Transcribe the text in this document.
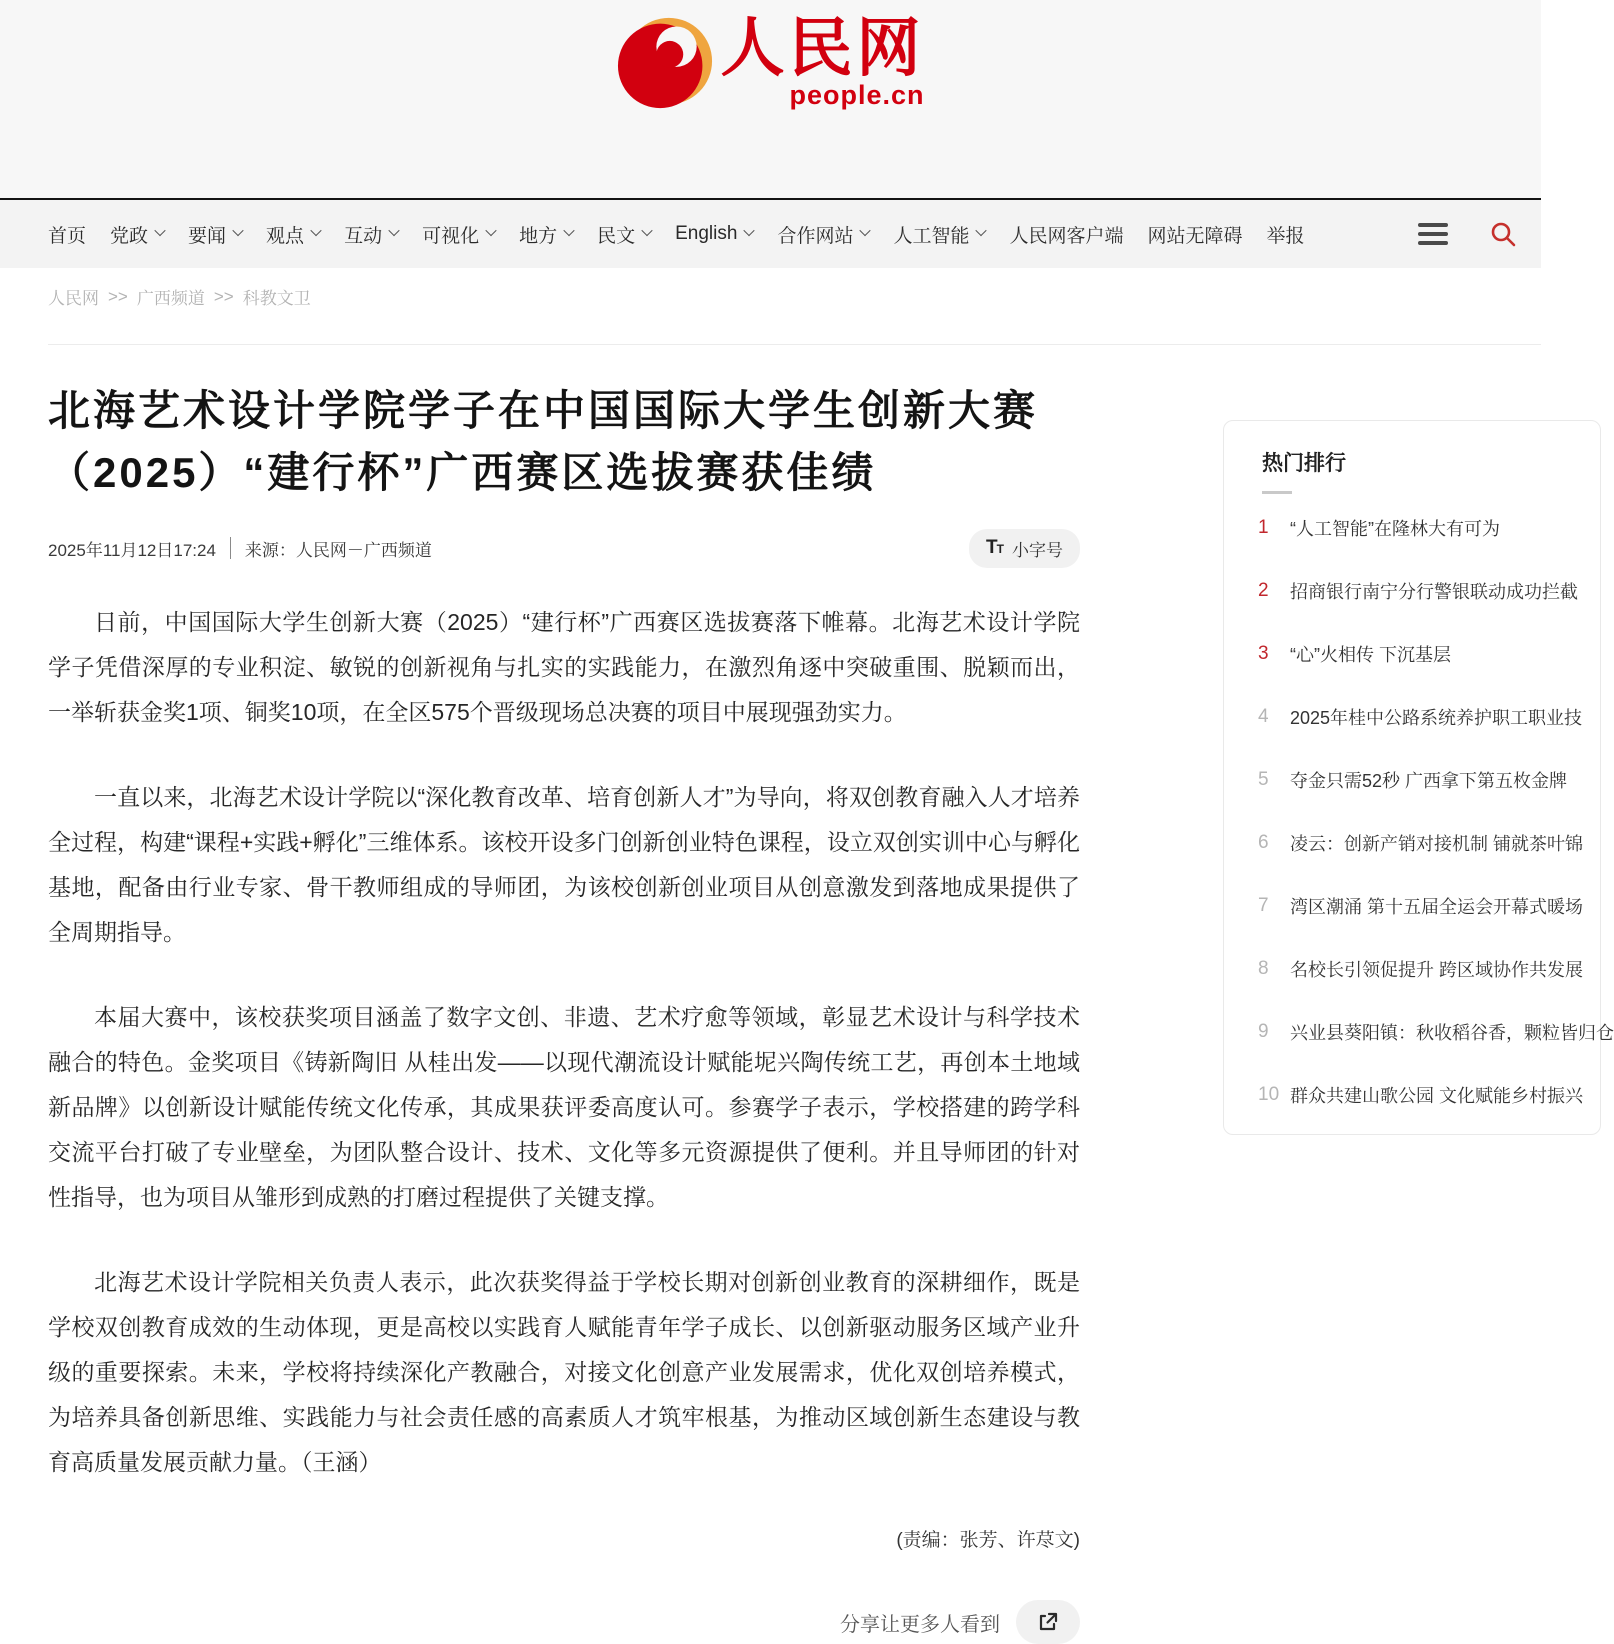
人民网
people.cn
首页 党政 要闻 观点 互动 可视化 地方 民文 English 合作网站 人工智能 人民网客户端 网站无障碍 举报
人民网 >> 广西频道 >> 科教文卫
北海艺术设计学院学子在中国国际大学生创新大赛（2025）“建行杯”广西赛区选拔赛获佳绩
2025年11月12日17:24 来源：人民网－广西频道	TT 小字号

日前，中国国际大学生创新大赛（2025）“建行杯”广西赛区选拔赛落下帷幕。北海艺术设计学院学子凭借深厚的专业积淀、敏锐的创新视角与扎实的实践能力，在激烈角逐中突破重围、脱颖而出，一举斩获金奖1项、铜奖10项，在全区575个晋级现场总决赛的项目中展现强劲实力。

一直以来，北海艺术设计学院以“深化教育改革、培育创新人才”为导向，将双创教育融入人才培养全过程，构建“课程+实践+孵化”三维体系。该校开设多门创新创业特色课程，设立双创实训中心与孵化基地，配备由行业专家、骨干教师组成的导师团，为该校创新创业项目从创意激发到落地成果提供了全周期指导。

本届大赛中，该校获奖项目涵盖了数字文创、非遗、艺术疗愈等领域，彰显艺术设计与科学技术融合的特色。金奖项目《铸新陶旧 从桂出发——以现代潮流设计赋能坭兴陶传统工艺，再创本土地域新品牌》以创新设计赋能传统文化传承，其成果获评委高度认可。参赛学子表示，学校搭建的跨学科交流平台打破了专业壁垒，为团队整合设计、技术、文化等多元资源提供了便利。并且导师团的针对性指导，也为项目从雏形到成熟的打磨过程提供了关键支撑。

北海艺术设计学院相关负责人表示，此次获奖得益于学校长期对创新创业教育的深耕细作，既是学校双创教育成效的生动体现，更是高校以实践育人赋能青年学子成长、以创新驱动服务区域产业升级的重要探索。未来，学校将持续深化产教融合，对接文化创意产业发展需求，优化双创培养模式，为培养具备创新思维、实践能力与社会责任感的高素质人才筑牢根基，为推动区域创新生态建设与教育高质量发展贡献力量。（王涵）

(责编：张芳、许荩文)
分享让更多人看到
热门排行
1	“人工智能”在隆林大有可为
2	招商银行南宁分行警银联动成功拦截
3	“心”火相传 下沉基层
4	2025年桂中公路系统养护职工职业技
5	夺金只需52秒 广西拿下第五枚金牌
6	凌云：创新产销对接机制 铺就茶叶锦
7	湾区潮涌 第十五届全运会开幕式暖场
8	名校长引领促提升 跨区域协作共发展
9	兴业县葵阳镇：秋收稻谷香，颗粒皆归仓
10 群众共建山歌公园 文化赋能乡村振兴
